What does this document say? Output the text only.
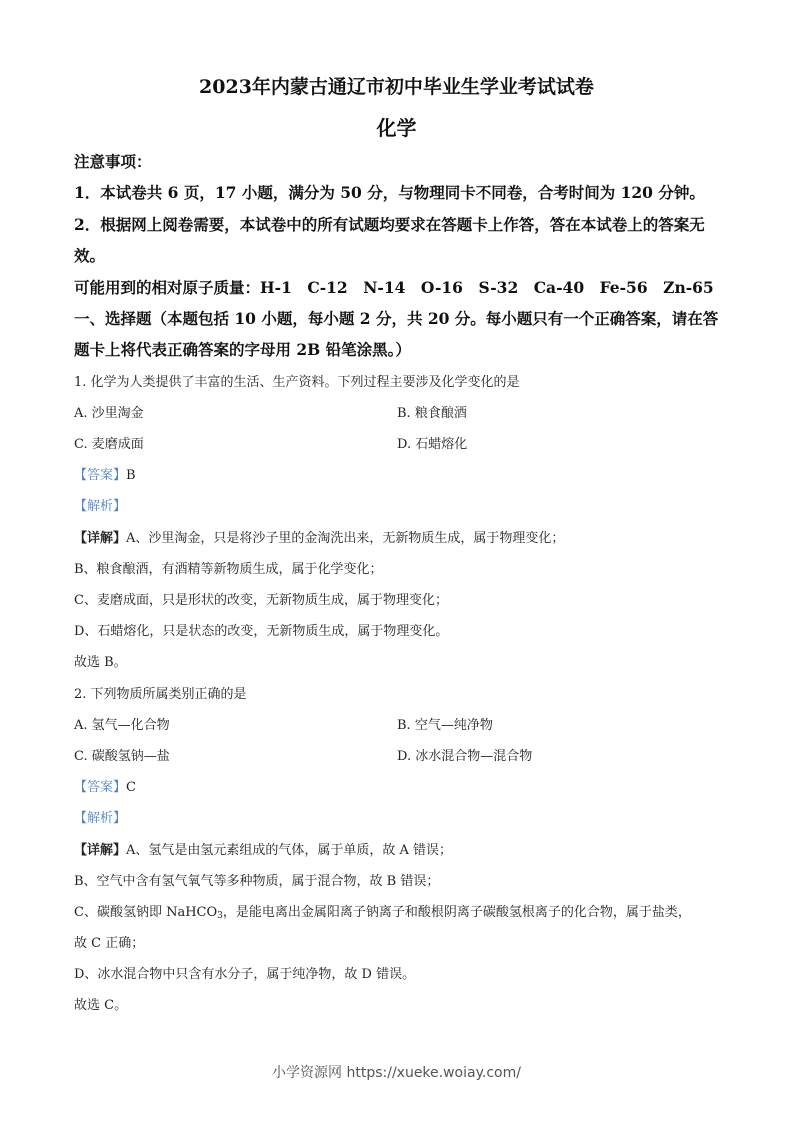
2023年内蒙古通辽市初中毕业生学业考试试卷
化学
注意事项：
1．本试卷共 6 页，17 小题，满分为 50 分，与物理同卡不同卷，合考时间为 120 分钟。
2．根据网上阅卷需要，本试卷中的所有试题均要求在答题卡上作答，答在本试卷上的答案无
效。
可能用到的相对原子质量：H-1　C-12　N-14　O-16　S-32　Ca-40　Fe-56　Zn-65
一、选择题（本题包括 10 小题，每小题 2 分，共 20 分。每小题只有一个正确答案，请在答
题卡上将代表正确答案的字母用 2B 铅笔涂黑。）
1. 化学为人类提供了丰富的生活、生产资料。下列过程主要涉及化学变化的是
A. 沙里淘金	B. 粮食酿酒
C. 麦磨成面	D. 石蜡熔化
【答案】B
【解析】
【详解】A、沙里淘金，只是将沙子里的金淘洗出来，无新物质生成，属于物理变化；
B、粮食酿酒，有酒精等新物质生成，属于化学变化；
C、麦磨成面，只是形状的改变，无新物质生成，属于物理变化；
D、石蜡熔化，只是状态的改变，无新物质生成，属于物理变化。
故选 B。
2. 下列物质所属类别正确的是
A. 氢气—化合物	B. 空气—纯净物
C. 碳酸氢钠—盐	D. 冰水混合物—混合物
【答案】C
【解析】
【详解】A、氢气是由氢元素组成的气体，属于单质，故 A 错误；
B、空气中含有氢气氧气等多种物质，属于混合物，故 B 错误；
C、碳酸氢钠即 NaHCO$_3$，是能电离出金属阳离子钠离子和酸根阴离子碳酸氢根离子的化合物，属于盐类，
故 C 正确；
D、冰水混合物中只含有水分子，属于纯净物，故 D 错误。
故选 C。
小学资源网 https://xueke.woiay.com/
